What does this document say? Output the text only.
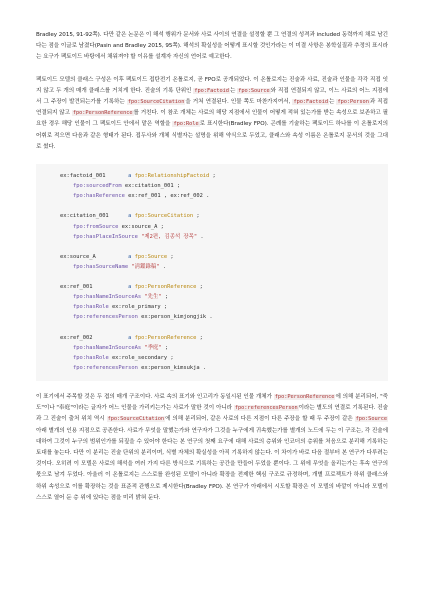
Bradley 2015, 91-92쪽). 다만 같은 논문은 이 해석 행위가 문서와 사료 사이의 연결을 설정할 뿐 그 연결의 성격과 included 동력까지 채로 남긴다는 점을 이글로 남겼다(Pasin and Bradley 2015, 95쪽). 해석의 확실성을 어떻게 표시할 것인가라는 이 미결 사항은 봉학실질과 추정의 표시라는 요구가 팩토이드 바탕에서 채워져야 할 이유를 설계자 자신의 언어로 예고한다.

팩토이드 모델의 클래스 구성은 이후 팩토이드 접탄전기 온톨로지, 곧 FPO로 공개되었다. 이 온톨로지는 진술과 사료, 진술과 인물을 각각 직접 잇지 않고 두 개의 매개 클래스를 거치게 한다. 진술의 기록 단위인 fpo:Factoid는 fpo:Source와 직접 연결되지 않고, 이느 사료의 어느 지점에서 그 주장이 발견되는가를 기록하는 fpo:SourceCitation을 거쳐 연결된다. 인물 쪽도 마찬가지여서, fpo:Factoid는 fpo:Person과 직접 연결되지 않고 fpo:PersonReference를 거친다. 이 참조 개체는 사료의 해당 지점에서 인물이 어떻게 적혀 있는가를 받는 속성으로 보존하고 필요한 경우 해당 인물이 그 팩토이드 안에서 맡은 역할을 fpo:Role로 표시한다(Bradley FPO). 곤례를 기술하는 팩토이드 하나를 이 온톨로지의 어휘로 적으면 다음과 같은 형태가 된다. 접두사와 개체 식별자는 설명을 위해 약식으로 두었고, 클래스와 속성 이름은 온톨로지 문서의 것을 그대로 썼다.

ex:factoid_001	a fpo:RelationshipFactoid ;
fpo:sourcedFrom ex:citation_001 ;
fpo:hasReference ex:ref_001 , ex:ref_002 .

ex:citation_001	a fpo:SourceCitation ;
fpo:fromSource ex:source_A ;
fpo:hasPlaceInSource "제2편, 김종석 장목" .

ex:source_A	a fpo:Source ;
fpo:hasSourceName "淸鑑錄稿" .

ex:ref_001	a fpo:PersonReference ;
fpo:hasNameInSourceAs "先生" ;
fpo:hasRole ex:role_primary ;
fpo:referencesPerson ex:person_kimjongjik .

ex:ref_002	a fpo:PersonReference ;
fpo:hasNameInSourceAs "季庭" ;
fpo:hasRole ex:role_secondary ;
fpo:referencesPerson ex:person_kimsukja .

이 표기에서 주목할 것은 두 겹의 매개 구조이다. 사료 속의 표기와 인고리가 동일시된 인물 개체가 fpo:PersonReference에 의해 분리되어, "죽도"이나 "奉庭"이라는 글자가 어느 인물을 가리키는가는 사료가 말한 것이 아니라 fpo:referencesPerson이라는 별도의 연결로 기록된다. 진술과 그 진술이 출처 위치 역시 fpo:SourceCitation에 의해 분리되어, 같은 사료의 다른 지점이 다른 주장을 할 때 두 주장이 같은 fpo:Source 아래 별개의 인용 지점으로 공존한다. 사료가 무엇을 말했는가와 연구자가 그것을 누구에게 귀속했는가를 별개의 노드에 두는 이 구조는, 각 진술에 대하여 그것이 누구의 범위인가를 되짚을 수 있어야 한다는 본 연구의 첫째 요구에 대해 사료의 층위와 인코더의 층위를 처음으로 분리해 기록하는 토대를 놓는다. 다만 이 분리는 진술 단위의 분리이며, 식별 자체의 확실성을 아직 기록하지 않는다. 이 차이가 바로 다음 절부터 본 연구가 다루려는 것이다. 오히려 이 모델은 사료의 해석을 여러 가지 다른 방식으로 기록하는 공간을 만들어 두었을 뿐이다. 그 위에 무엇을 올리는가는 후속 연구의 몫으로 남겨 두었다. 아울러 이 온톨로지는 스스로를 완성된 모델이 아니라 확장을 전제한 핵심 구조로 규정하며, 개별 프로젝트가 하위 클래스와 하위 속성으로 이를 확장하는 것을 표준적 관행으로 제시한다(Bradley FPO). 본 연구가 아래에서 시도할 확장은 이 모델의 바깥이 아니라 모델이 스스로 열어 둔 층 위에 있다는 점을 미리 밝혀 둔다.
